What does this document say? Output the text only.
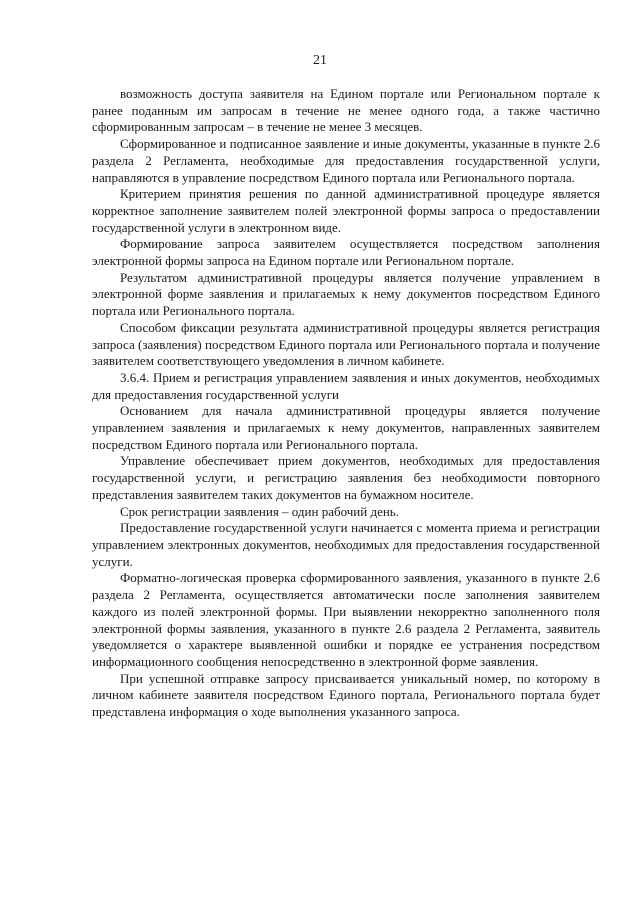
21

возможность доступа заявителя на Едином портале или Региональном портале к ранее поданным им запросам в течение не менее одного года, а также частично сформированным запросам – в течение не менее 3 месяцев.

Сформированное и подписанное заявление и иные документы, указанные в пункте 2.6 раздела 2 Регламента, необходимые для предоставления государственной услуги, направляются в управление посредством Единого портала или Регионального портала.

Критерием принятия решения по данной административной процедуре является корректное заполнение заявителем полей электронной формы запроса о предоставлении государственной услуги в электронном виде.

Формирование запроса заявителем осуществляется посредством заполнения электронной формы запроса на Едином портале или Региональном портале.

Результатом административной процедуры является получение управлением в электронной форме заявления и прилагаемых к нему документов посредством Единого портала или Регионального портала.

Способом фиксации результата административной процедуры является регистрация запроса (заявления) посредством Единого портала или Регионального портала и получение заявителем соответствующего уведомления в личном кабинете.

3.6.4. Прием и регистрация управлением заявления и иных документов, необходимых для предоставления государственной услуги

Основанием для начала административной процедуры является получение управлением заявления и прилагаемых к нему документов, направленных заявителем посредством Единого портала или Регионального портала.

Управление обеспечивает прием документов, необходимых для предоставления государственной услуги, и регистрацию заявления без необходимости повторного представления заявителем таких документов на бумажном носителе.

Срок регистрации заявления – один рабочий день.

Предоставление государственной услуги начинается с момента приема и регистрации управлением электронных документов, необходимых для предоставления государственной услуги.

Форматно-логическая проверка сформированного заявления, указанного в пункте 2.6 раздела 2 Регламента, осуществляется автоматически после заполнения заявителем каждого из полей электронной формы. При выявлении некорректно заполненного поля электронной формы заявления, указанного в пункте 2.6 раздела 2 Регламента, заявитель уведомляется о характере выявленной ошибки и порядке ее устранения посредством информационного сообщения непосредственно в электронной форме заявления.

При успешной отправке запросу присваивается уникальный номер, по которому в личном кабинете заявителя посредством Единого портала, Регионального портала будет представлена информация о ходе выполнения указанного запроса.
